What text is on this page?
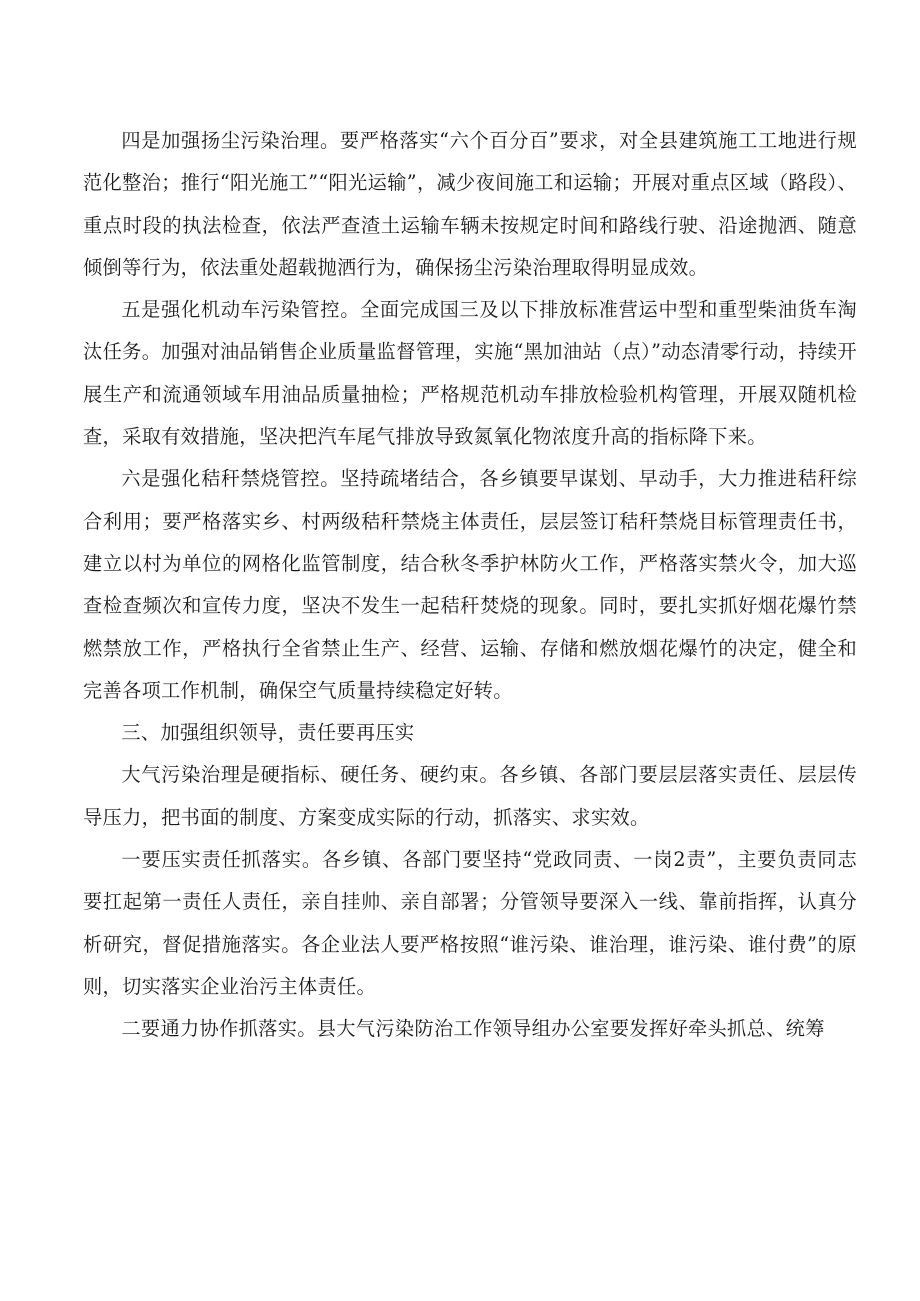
四是加强扬尘污染治理。要严格落实“六个百分百”要求，对全县建筑施工工地进行规范化整治；推行“阳光施工”“阳光运输”，减少夜间施工和运输；开展对重点区域（路段）、重点时段的执法检查，依法严查渣土运输车辆未按规定时间和路线行驶、沿途抛洒、随意倾倒等行为，依法重处超载抛洒行为，确保扬尘污染治理取得明显成效。

五是强化机动车污染管控。全面完成国三及以下排放标准营运中型和重型柴油货车淘汰任务。加强对油品销售企业质量监督管理，实施“黑加油站（点）”动态清零行动，持续开展生产和流通领域车用油品质量抽检；严格规范机动车排放检验机构管理，开展双随机检查，采取有效措施，坚决把汽车尾气排放导致氮氧化物浓度升高的指标降下来。

六是强化秸秆禁烧管控。坚持疏堵结合，各乡镇要早谋划、早动手，大力推进秸秆综合利用；要严格落实乡、村两级秸秆禁烧主体责任，层层签订秸秆禁烧目标管理责任书，建立以村为单位的网格化监管制度，结合秋冬季护林防火工作，严格落实禁火令，加大巡查检查频次和宣传力度，坚决不发生一起秸秆焚烧的现象。同时，要扎实抓好烟花爆竹禁燃禁放工作，严格执行全省禁止生产、经营、运输、存储和燃放烟花爆竹的决定，健全和完善各项工作机制，确保空气质量持续稳定好转。

三、加强组织领导，责任要再压实

大气污染治理是硬指标、硬任务、硬约束。各乡镇、各部门要层层落实责任、层层传导压力，把书面的制度、方案变成实际的行动，抓落实、求实效。

一要压实责任抓落实。各乡镇、各部门要坚持“党政同责、一岗2责”，主要负责同志要扛起第一责任人责任，亲自挂帅、亲自部署；分管领导要深入一线、靠前指挥，认真分析研究，督促措施落实。各企业法人要严格按照“谁污染、谁治理，谁污染、谁付费”的原则，切实落实企业治污主体责任。

二要通力协作抓落实。县大气污染防治工作领导组办公室要发挥好牵头抓总、统筹
